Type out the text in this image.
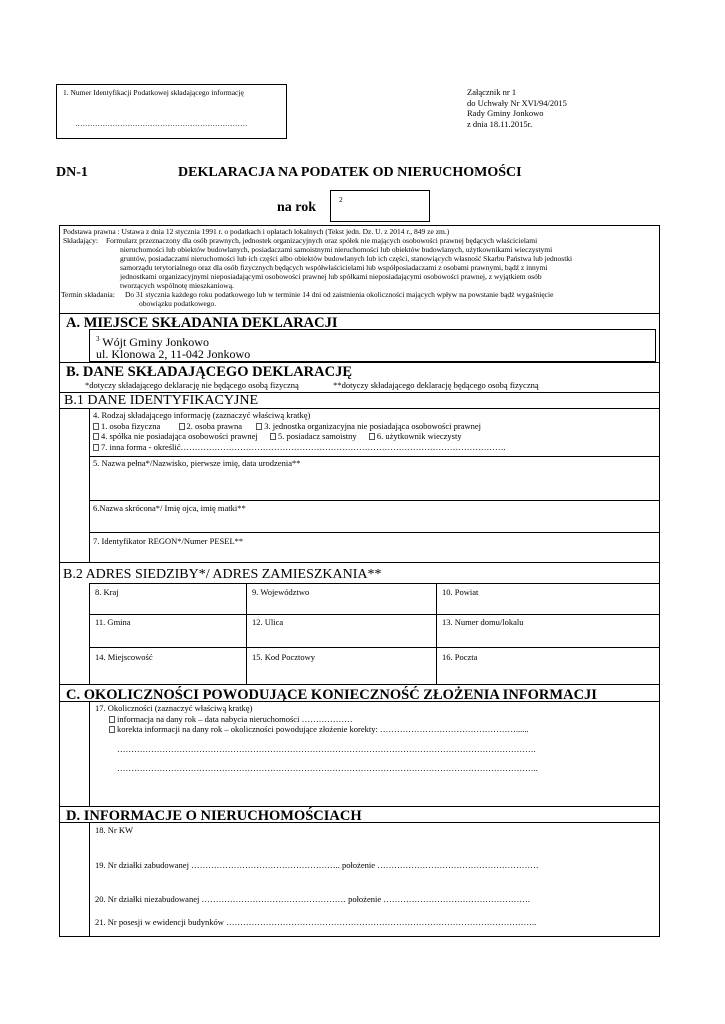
1. Numer Identyfikacji Podatkowej składającego informację
……………………………………………………………
Załącznik nr 1
do Uchwały Nr XVI/94/2015
Rady Gminy Jonkowo
z dnia 18.11.2015r.
DN-1	DEKLARACJA NA PODATEK OD NIERUCHOMOŚCI
na rok
2
Podstawa prawna : Ustawa z dnia 12 stycznia 1991 r. o podatkach i opłatach lokalnych (Tekst jedn. Dz. U. z 2014 r., 849 ze zm.)
Składający: Formularz przeznaczony dla osób prawnych, jednostek organizacyjnych oraz spółek nie mających osobowości prawnej będących właścicielami
nieruchomości lub obiektów budowlanych, posiadaczami samoistnymi nieruchomości lub obiektów budowlanych, użytkownikami wieczystymi
gruntów, posiadaczami nieruchomości lub ich części albo obiektów budowlanych lub ich części, stanowiących własność Skarbu Państwa lub jednostki
samorządu terytorialnego oraz dla osób fizycznych będących współwłaścicielami lub współposiadaczami z osobami prawnymi, bądź z innymi
jednostkami organizacyjnymi nieposiadającymi osobowości prawnej lub spółkami nieposiadającymi osobowości prawnej, z wyjątkiem osób
tworzących wspólnotę mieszkaniową.
Termin składania: Do 31 stycznia każdego roku podatkowego lub w terminie 14 dni od zaistnienia okoliczności mających wpływ na powstanie bądź wygaśnięcie
obowiązku podatkowego.
A. MIEJSCE SKŁADANIA DEKLARACJI
$^3$ Wójt Gminy Jonkowo
ul. Klonowa 2, 11-042 Jonkowo
B. DANE SKŁADAJĄCEGO DEKLARACJĘ
*dotyczy składającego deklarację nie będącego osobą fizyczną	**dotyczy składającego deklarację będącego osobą fizyczną
B.1 DANE IDENTYFIKACYJNE
4. Rodzaj składającego informację (zaznaczyć właściwą kratkę)
1. osoba fizyczna	2. osoba prawna	3. jednostka organizacyjna nie posiadająca osobowości prawnej
4. spółka nie posiadająca osobowości prawnej 5. posiadacz samoistny 6. użytkownik wieczysty
7. inna forma - określić…………………………………………………………………………………………………….
5. Nazwa pełna*/Nazwisko, pierwsze imię, data urodzenia**
6.Nazwa skrócona*/ Imię ojca, imię matki**
7. Identyfikator REGON*/Numer PESEL**
B.2 ADRES SIEDZIBY*/ ADRES ZAMIESZKANIA**
8. Kraj	9. Województwo	10. Powiat
11. Gmina	12. Ulica	13. Numer domu/lokalu
14. Miejscowość	15. Kod Pocztowy	16. Poczta
C. OKOLICZNOŚCI POWODUJĄCE KONIECZNOŚĆ ZŁOŻENIA INFORMACJI
17. Okoliczności (zaznaczyć właściwą kratkę)
informacja na dany rok – data nabycia nieruchomości ………………
korekta informacji na dany rok – okoliczności powodujące złożenie korekty: …………………………………………......
………………………………………………………………………………………………………………………………….
…………………………………………………………………………………………………………………………………..
D. INFORMACJE O NIERUCHOMOŚCIACH
18. Nr KW
19. Nr działki zabudowanej …………………………………………….. położenie …………………………………………………
20. Nr działki niezabudowanej …………………………………………… położenie …………………………………………….
21. Nr posesji w ewidencji budynków ………………………………………………………………………………………………..
